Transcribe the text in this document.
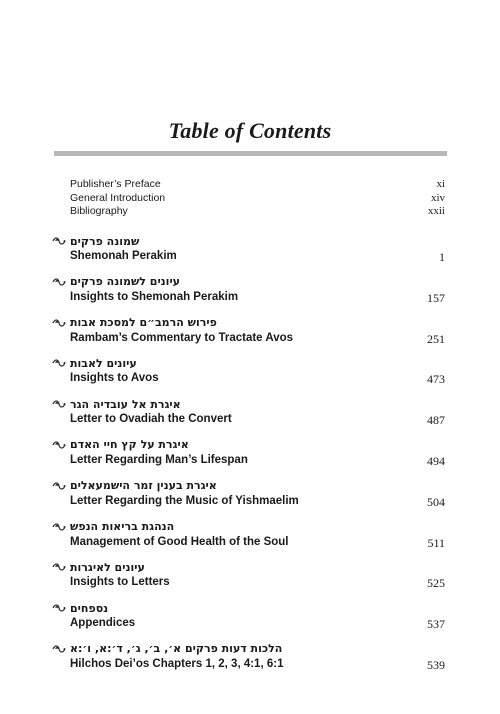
Table of Contents
Publisher’s Preface	xi
General Introduction	xiv
Bibliography	xxii
שמונה פרקים
Shemonah Perakim	1
עיונים לשמונה פרקים
Insights to Shemonah Perakim	157
פירוש הרמב״ם למסכת אבות
Rambam’s Commentary to Tractate Avos	251
עיונים לאבות
Insights to Avos	473
איגרת אל עובדיה הגר
Letter to Ovadiah the Convert	487
איגרת על קץ חיי האדם
Letter Regarding Man’s Lifespan	494
איגרת בענין זמר הישמעאלים
Letter Regarding the Music of Yishmaelim	504
הנהגת בריאות הנפש
Management of Good Health of the Soul	511
עיונים לאיגרות
Insights to Letters	525
נספחים
Appendices	537
הלכות דעות פרקים א׳, ב׳, ג׳, ד׳:א, ו׳:א
Hilchos Dei’os Chapters 1, 2, 3, 4:1, 6:1	539
